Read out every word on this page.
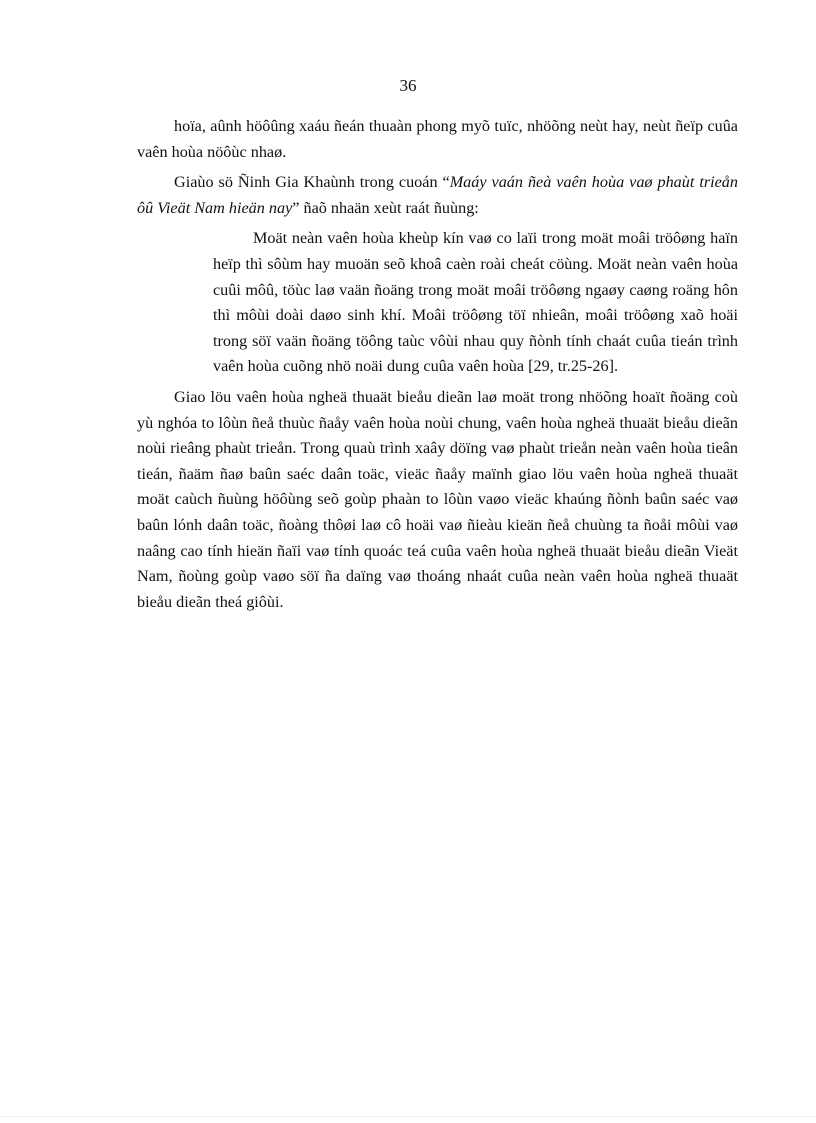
36

hoïa, aûnh höôûng xaáu ñeán thuaàn phong myõ tuïc, nhöõng neùt hay, neùt ñeïp cuûa vaên hoùa nöôùc nhaø.

Giaùo sö Ñinh Gia Khaùnh trong cuoán “Maáy vaán ñeà vaên hoùa vaø phaùt trieån ôû Vieät Nam hieän nay” ñaõ nhaän xeùt raát ñuùng:

Moät neàn vaên hoùa kheùp kín vaø co laïi trong moät moâi tröôøng haïn heïp thì sôùm hay muoän seõ khoâ caèn roài cheát cöùng. Moät neàn vaên hoùa cuûi môû, töùc laø vaän ñoäng trong moät moâi tröôøng ngaøy caøng roäng hôn thì môùi doài daøo sinh khí. Moâi tröôøng töï nhieân, moâi tröôøng xaõ hoäi trong söï vaän ñoäng töông taùc vôùi nhau quy ñònh tính chaát cuûa tieán trình vaên hoùa cuõng nhö noäi dung cuûa vaên hoùa [29, tr.25-26].

Giao löu vaên hoùa ngheä thuaät bieåu dieãn laø moät trong nhöõng hoaït ñoäng coù yù nghóa to lôùn ñeå thuùc ñaåy vaên hoùa noùi chung, vaên hoùa ngheä thuaät bieåu dieãn noùi rieâng phaùt trieån. Trong quaù trình xaây döïng vaø phaùt trieån neàn vaên hoùa tieân tieán, ñaäm ñaø baûn saéc daân toäc, vieäc ñaåy maïnh giao löu vaên hoùa ngheä thuaät moät caùch ñuùng höôùng seõ goùp phaàn to lôùn vaøo vieäc khaúng ñònh baûn saéc vaø baûn lónh daân toäc, ñoàng thôøi laø cô hoäi vaø ñieàu kieän ñeå chuùng ta ñoåi môùi vaø naâng cao tính hieän ñaïi vaø tính quoác teá cuûa vaên hoùa ngheä thuaät bieåu dieãn Vieät Nam, ñoùng goùp vaøo söï ña daïng vaø thoáng nhaát cuûa neàn vaên hoùa ngheä thuaät bieåu dieãn theá giôùi.
